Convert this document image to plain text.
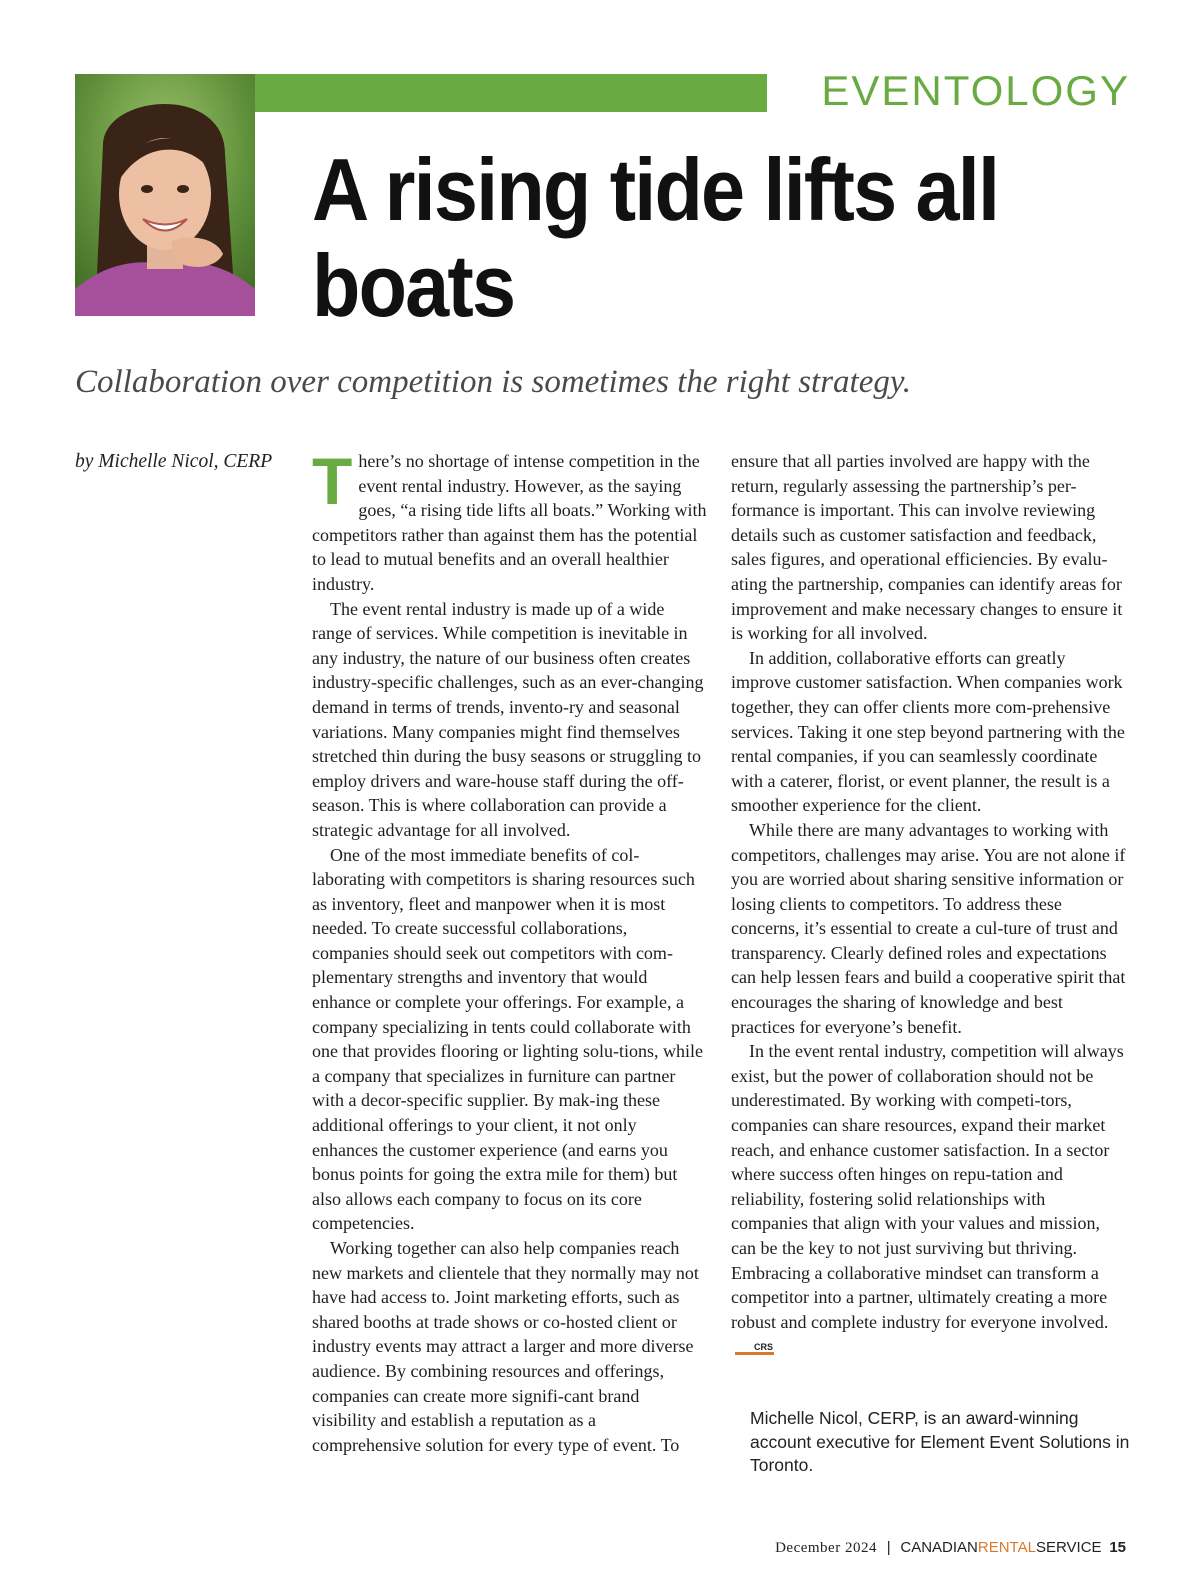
EVENTOLOGY
A rising tide lifts all boats
Collaboration over competition is sometimes the right strategy.
by Michelle Nicol, CERP There’s no shortage of intense competition in the event rental industry. However, as the saying goes, “a rising tide lifts all boats.” Working with competitors rather than against them has the potential to lead to mutual benefits and an overall healthier industry.

The event rental industry is made up of a wide range of services. While competition is inevitable in any industry, the nature of our business often creates industry-specific challenges, such as an ever-changing demand in terms of trends, invento-ry and seasonal variations. Many companies might find themselves stretched thin during the busy seasons or struggling to employ drivers and ware-house staff during the off-season. This is where collaboration can provide a strategic advantage for all involved.

One of the most immediate benefits of col-laborating with competitors is sharing resources such as inventory, fleet and manpower when it is most needed. To create successful collaborations, companies should seek out competitors with com-plementary strengths and inventory that would enhance or complete your offerings. For example, a company specializing in tents could collaborate with one that provides flooring or lighting solu-tions, while a company that specializes in furniture can partner with a decor-specific supplier. By mak-ing these additional offerings to your client, it not only enhances the customer experience (and earns you bonus points for going the extra mile for them) but also allows each company to focus on its core competencies.

Working together can also help companies reach new markets and clientele that they normally may not have had access to. Joint marketing efforts, such as shared booths at trade shows or co-hosted client or industry events may attract a larger and more diverse audience. By combining resources and offerings, companies can create more signifi-cant brand visibility and establish a reputation as a comprehensive solution for every type of event. To

ensure that all parties involved are happy with the return, regularly assessing the partnership’s per-formance is important. This can involve reviewing details such as customer satisfaction and feedback, sales figures, and operational efficiencies. By evalu-ating the partnership, companies can identify areas for improvement and make necessary changes to ensure it is working for all involved.

In addition, collaborative efforts can greatly improve customer satisfaction. When companies work together, they can offer clients more com-prehensive services. Taking it one step beyond partnering with the rental companies, if you can seamlessly coordinate with a caterer, florist, or event planner, the result is a smoother experience for the client.

While there are many advantages to working with competitors, challenges may arise. You are not alone if you are worried about sharing sensitive information or losing clients to competitors. To address these concerns, it’s essential to create a cul-ture of trust and transparency. Clearly defined roles and expectations can help lessen fears and build a cooperative spirit that encourages the sharing of knowledge and best practices for everyone’s benefit.

In the event rental industry, competition will always exist, but the power of collaboration should not be underestimated. By working with competi-tors, companies can share resources, expand their market reach, and enhance customer satisfaction. In a sector where success often hinges on repu-tation and reliability, fostering solid relationships with companies that align with your values and mission, can be the key to not just surviving but thriving. Embracing a collaborative mindset can transform a competitor into a partner, ultimately creating a more robust and complete industry for everyone involved.CRS

Michelle Nicol, CERP, is an award-winning account executive for Element Event Solutions in Toronto.
December 2024 | CANADIANRENTALSERVICE 15
